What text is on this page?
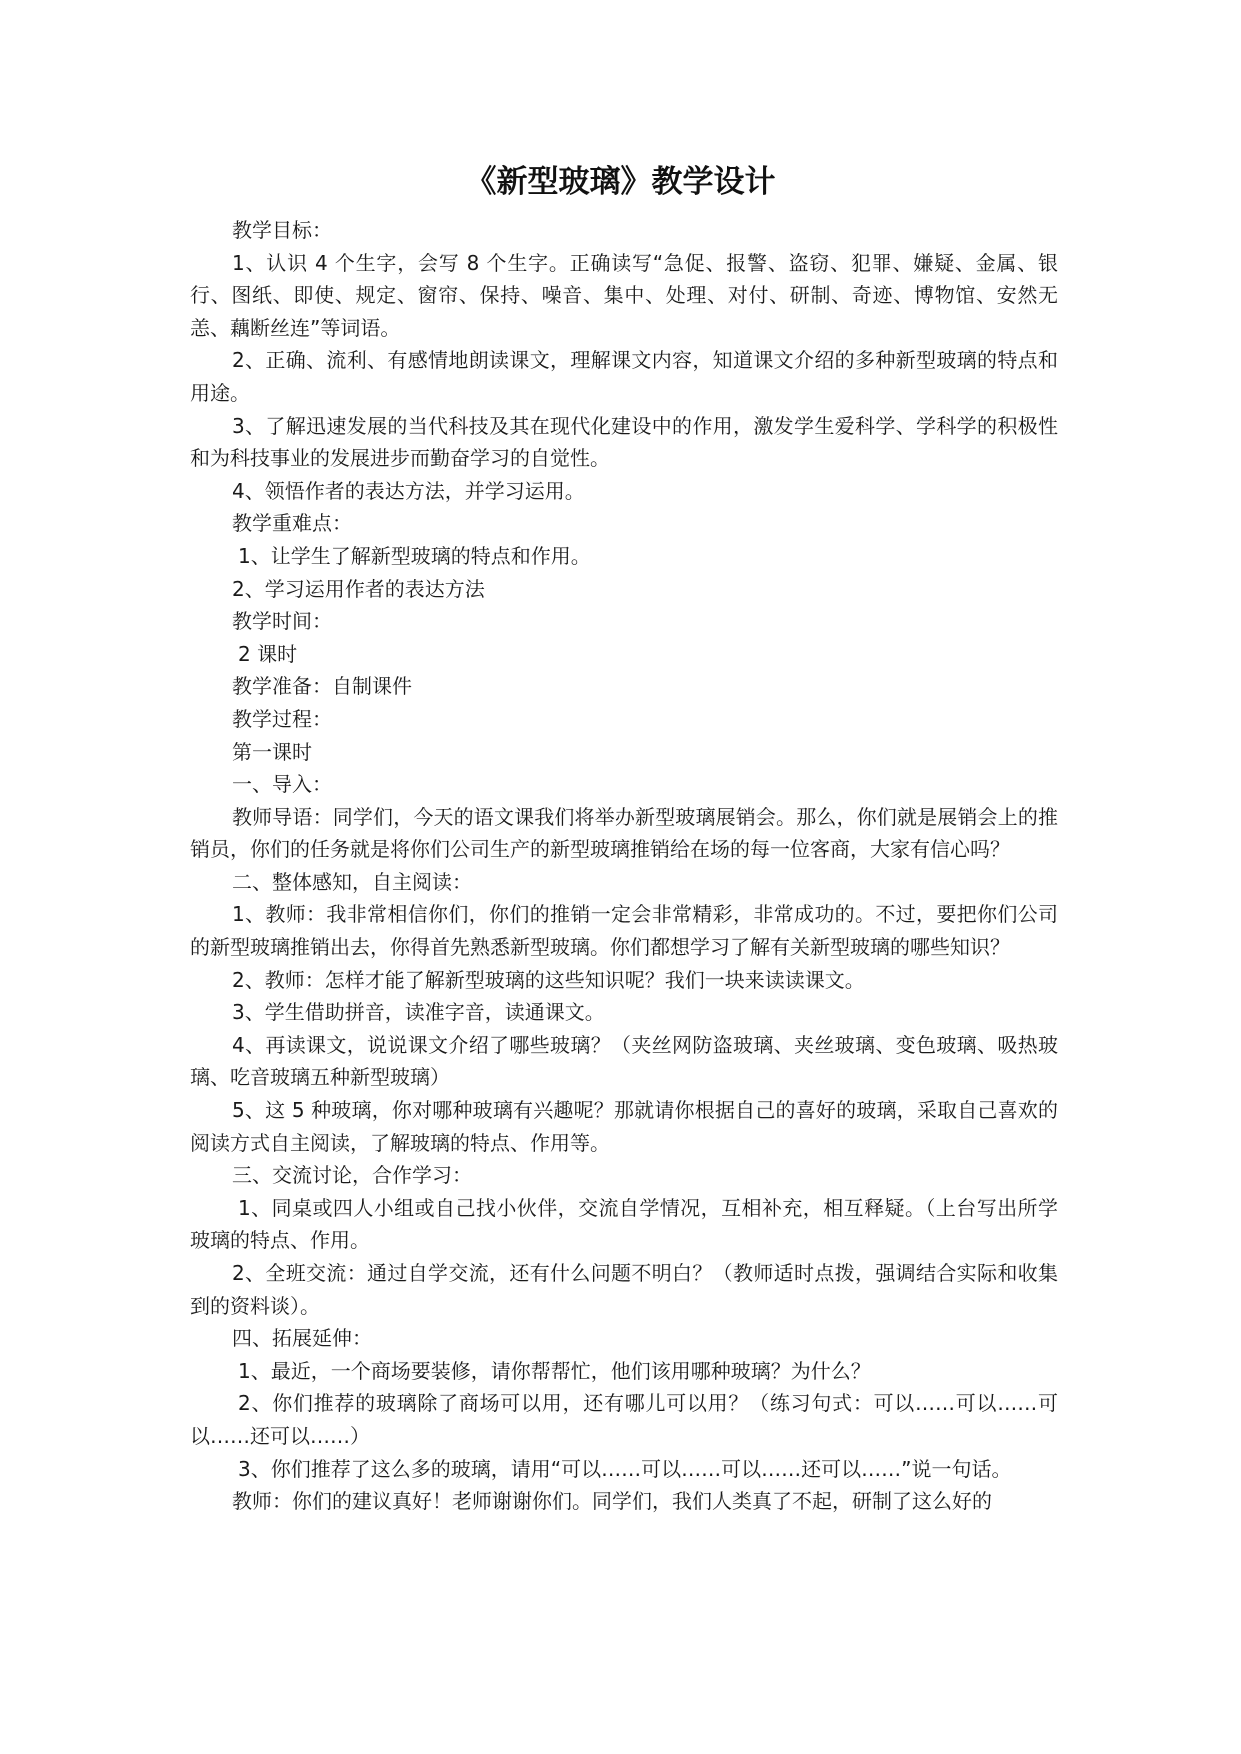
《新型玻璃》教学设计

教学目标：

1、认识 4 个生字，会写 8 个生字。正确读写“急促、报警、盗窃、犯罪、嫌疑、金属、银行、图纸、即使、规定、窗帘、保持、噪音、集中、处理、对付、研制、奇迹、博物馆、安然无恙、藕断丝连”等词语。

2、正确、流利、有感情地朗读课文，理解课文内容，知道课文介绍的多种新型玻璃的特点和用途。

3、了解迅速发展的当代科技及其在现代化建设中的作用，激发学生爱科学、学科学的积极性和为科技事业的发展进步而勤奋学习的自觉性。

4、领悟作者的表达方法，并学习运用。

教学重难点：

1、让学生了解新型玻璃的特点和作用。

2、学习运用作者的表达方法

教学时间：

2 课时

教学准备：自制课件

教学过程：

第一课时

一、导入：

教师导语：同学们，今天的语文课我们将举办新型玻璃展销会。那么，你们就是展销会上的推销员，你们的任务就是将你们公司生产的新型玻璃推销给在场的每一位客商，大家有信心吗？

二、整体感知，自主阅读：

1、教师：我非常相信你们，你们的推销一定会非常精彩，非常成功的。不过，要把你们公司的新型玻璃推销出去，你得首先熟悉新型玻璃。你们都想学习了解有关新型玻璃的哪些知识？

2、教师：怎样才能了解新型玻璃的这些知识呢？我们一块来读读课文。

3、学生借助拼音，读准字音，读通课文。

4、再读课文，说说课文介绍了哪些玻璃？（夹丝网防盗玻璃、夹丝玻璃、变色玻璃、吸热玻璃、吃音玻璃五种新型玻璃）

5、这 5 种玻璃，你对哪种玻璃有兴趣呢？那就请你根据自己的喜好的玻璃，采取自己喜欢的阅读方式自主阅读，了解玻璃的特点、作用等。

三、交流讨论，合作学习：

1、同桌或四人小组或自己找小伙伴，交流自学情况，互相补充，相互释疑。（上台写出所学玻璃的特点、作用。

2、全班交流：通过自学交流，还有什么问题不明白？（教师适时点拨，强调结合实际和收集到的资料谈）。

四、拓展延伸：

1、最近，一个商场要装修，请你帮帮忙，他们该用哪种玻璃？为什么？

2、你们推荐的玻璃除了商场可以用，还有哪儿可以用？（练习句式：可以……可以……可以……还可以……）

3、你们推荐了这么多的玻璃，请用“可以……可以……可以……还可以……”说一句话。

教师：你们的建议真好！老师谢谢你们。同学们，我们人类真了不起，研制了这么好的
